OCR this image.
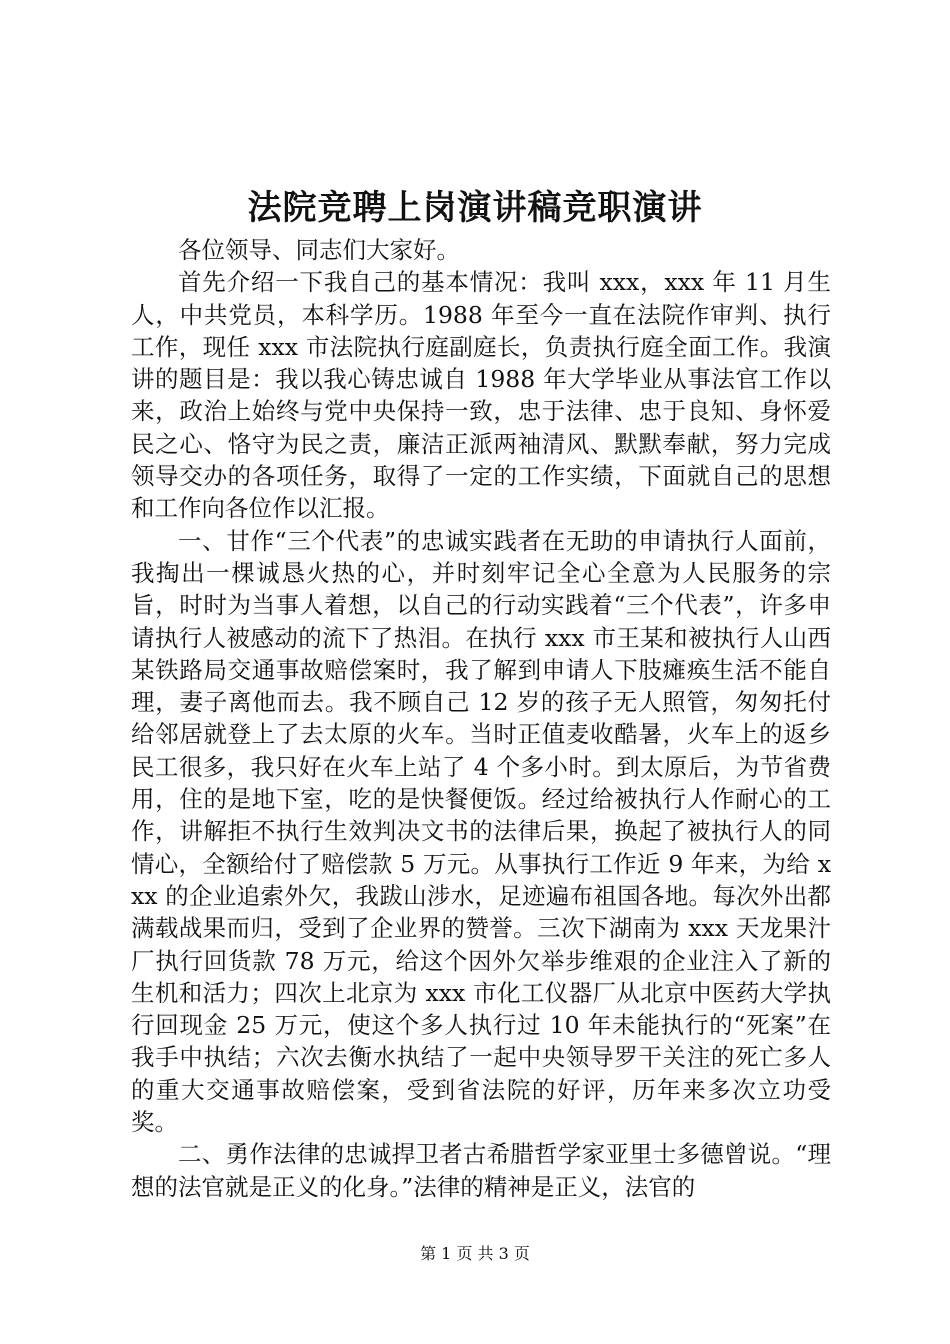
法院竞聘上岗演讲稿竞职演讲

各位领导、同志们大家好。

首先介绍一下我自己的基本情况：我叫 xxx，xxx 年 11 月生人，中共党员，本科学历。1988 年至今一直在法院作审判、执行工作，现任 xxx 市法院执行庭副庭长，负责执行庭全面工作。我演讲的题目是：我以我心铸忠诚自 1988 年大学毕业从事法官工作以来，政治上始终与党中央保持一致，忠于法律、忠于良知、身怀爱民之心、恪守为民之责，廉洁正派两袖清风、默默奉献，努力完成领导交办的各项任务，取得了一定的工作实绩，下面就自己的思想和工作向各位作以汇报。

一、甘作“三个代表”的忠诚实践者在无助的申请执行人面前，我掏出一棵诚恳火热的心，并时刻牢记全心全意为人民服务的宗旨，时时为当事人着想，以自己的行动实践着“三个代表”，许多申请执行人被感动的流下了热泪。在执行 xxx 市王某和被执行人山西某铁路局交通事故赔偿案时，我了解到申请人下肢瘫痪生活不能自理，妻子离他而去。我不顾自己 12 岁的孩子无人照管，匆匆托付给邻居就登上了去太原的火车。当时正值麦收酷暑，火车上的返乡民工很多，我只好在火车上站了 4 个多小时。到太原后，为节省费用，住的是地下室，吃的是快餐便饭。经过给被执行人作耐心的工作，讲解拒不执行生效判决文书的法律后果，换起了被执行人的同情心，全额给付了赔偿款 5 万元。从事执行工作近 9 年来，为给 xxx 的企业追索外欠，我跋山涉水，足迹遍布祖国各地。每次外出都满载战果而归，受到了企业界的赞誉。三次下湖南为 xxx 天龙果汁厂执行回货款 78 万元，给这个因外欠举步维艰的企业注入了新的生机和活力；四次上北京为 xxx 市化工仪器厂从北京中医药大学执行回现金 25 万元，使这个多人执行过 10 年未能执行的“死案”在我手中执结；六次去衡水执结了一起中央领导罗干关注的死亡多人的重大交通事故赔偿案，受到省法院的好评，历年来多次立功受奖。

二、勇作法律的忠诚捍卫者古希腊哲学家亚里士多德曾说。“理想的法官就是正义的化身。”法律的精神是正义，法官的

第 1 页 共 3 页
